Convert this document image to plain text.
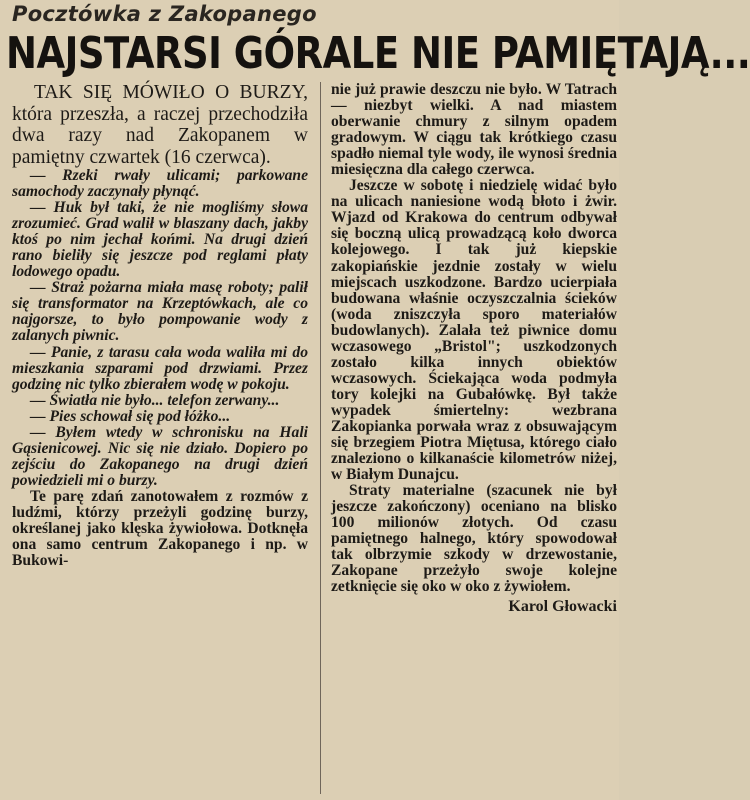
Pocztówka z Zakopanego
NAJSTARSI GÓRALE NIE PAMIĘTAJĄ...

TAK SIĘ MÓWIŁO O BURZY, która przeszła, a raczej przechodziła dwa razy nad Zakopanem w pamiętny czwartek (16 czerwca).

— Rzeki rwały ulicami; parkowane samochody zaczynały płynąć.

— Huk był taki, że nie mogliśmy słowa zrozumieć. Grad walił w blaszany dach, jakby ktoś po nim jechał końmi. Na drugi dzień rano bieliły się jeszcze pod reglami płaty lodowego opadu.

— Straż pożarna miała masę roboty; palił się transformator na Krzeptówkach, ale co najgorsze, to było pompowanie wody z zalanych piwnic.

— Panie, z tarasu cała woda waliła mi do mieszkania szparami pod drzwiami. Przez godzinę nic tylko zbierałem wodę w pokoju.

— Światła nie było... telefon zerwany...

— Pies schował się pod łóżko...

— Byłem wtedy w schronisku na Hali Gąsienicowej. Nic się nie działo. Dopiero po zejściu do Zakopanego na drugi dzień powiedzieli mi o burzy.

Te parę zdań zanotowałem z rozmów z ludźmi, którzy przeżyli godzinę burzy, określanej jako klęska żywiołowa. Dotknęła ona samo centrum Zakopanego i np. w Bukowi-

nie już prawie deszczu nie było. W Tatrach — niezbyt wielki. A nad miastem oberwanie chmury z silnym opadem gradowym. W ciągu tak krótkiego czasu spadło niemal tyle wody, ile wynosi średnia miesięczna dla całego czerwca.

Jeszcze w sobotę i niedzielę widać było na ulicach naniesione wodą błoto i żwir. Wjazd od Krakowa do centrum odbywał się boczną ulicą prowadzącą koło dworca kolejowego. I tak już kiepskie zakopiańskie jezdnie zostały w wielu miejscach uszkodzone. Bardzo ucierpiała budowana właśnie oczyszczalnia ścieków (woda zniszczyła sporo materiałów budowlanych). Zalała też piwnice domu wczasowego „Bristol"; uszkodzonych zostało kilka innych obiektów wczasowych. Ściekająca woda podmyła tory kolejki na Gubałówkę. Był także wypadek śmiertelny: wezbrana Zakopianka porwała wraz z obsuwającym się brzegiem Piotra Miętusa, którego ciało znaleziono o kilkanaście kilometrów niżej, w Białym Dunajcu.

Straty materialne (szacunek nie był jeszcze zakończony) oceniano na blisko 100 milionów złotych. Od czasu pamiętnego halnego, który spowodował tak olbrzymie szkody w drzewostanie, Zakopane przeżyło swoje kolejne zetknięcie się oko w oko z żywiołem.

Karol Głowacki
